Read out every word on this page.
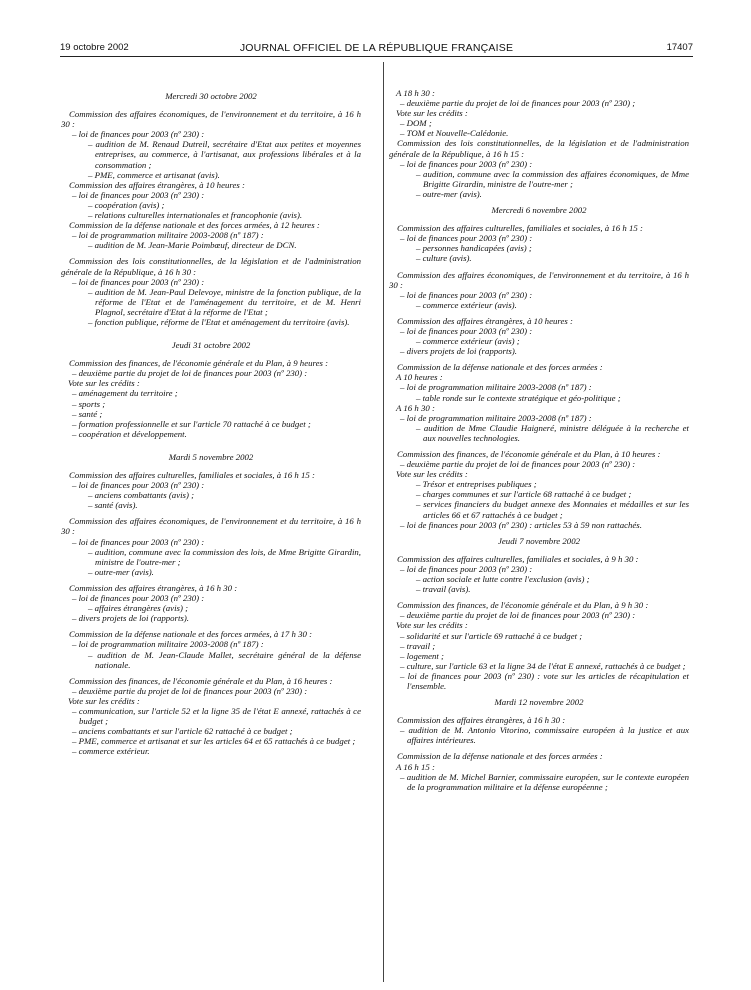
19 octobre 2002	JOURNAL OFFICIEL DE LA RÉPUBLIQUE FRANÇAISE	17407

Mercredi 30 octobre 2002

Commission des affaires économiques, de l'environnement et du territoire, à 16 h 30 :

– loi de finances pour 2003 (nº 230) :

– audition de M. Renaud Dutreil, secrétaire d'Etat aux petites et moyennes entreprises, au commerce, à l'artisanat, aux professions libérales et à la consommation ;

– PME, commerce et artisanat (avis).

Commission des affaires étrangères, à 10 heures :

– loi de finances pour 2003 (nº 230) :

– coopération (avis) ;

– relations culturelles internationales et francophonie (avis).

Commission de la défense nationale et des forces armées, à 12 heures :

– loi de programmation militaire 2003-2008 (nº 187) :

– audition de M. Jean-Marie Poimbœuf, directeur de DCN.

Commission des lois constitutionnelles, de la législation et de l'administration générale de la République, à 16 h 30 :

– loi de finances pour 2003 (nº 230) :

– audition de M. Jean-Paul Delevoye, ministre de la fonction publique, de la réforme de l'Etat et de l'aménagement du territoire, et de M. Henri Plagnol, secrétaire d'Etat à la réforme de l'Etat ;

– fonction publique, réforme de l'Etat et aménagement du territoire (avis).

Jeudi 31 octobre 2002

Commission des finances, de l'économie générale et du Plan, à 9 heures :

– deuxième partie du projet de loi de finances pour 2003 (nº 230) :

Vote sur les crédits :

– aménagement du territoire ;

– sports ;

– santé ;

– formation professionnelle et sur l'article 70 rattaché à ce budget ;

– coopération et développement.

Mardi 5 novembre 2002

Commission des affaires culturelles, familiales et sociales, à 16 h 15 :

– loi de finances pour 2003 (nº 230) :

– anciens combattants (avis) ;

– santé (avis).

Commission des affaires économiques, de l'environnement et du territoire, à 16 h 30 :

– loi de finances pour 2003 (nº 230) :

– audition, commune avec la commission des lois, de Mme Brigitte Girardin, ministre de l'outre-mer ;

– outre-mer (avis).

Commission des affaires étrangères, à 16 h 30 :

– loi de finances pour 2003 (nº 230) :

– affaires étrangères (avis) ;

– divers projets de loi (rapports).

Commission de la défense nationale et des forces armées, à 17 h 30 :

– loi de programmation militaire 2003-2008 (nº 187) :

– audition de M. Jean-Claude Mallet, secrétaire général de la défense nationale.

Commission des finances, de l'économie générale et du Plan, à 16 heures :

– deuxième partie du projet de loi de finances pour 2003 (nº 230) :

Vote sur les crédits :

– communication, sur l'article 52 et la ligne 35 de l'état E annexé, rattachés à ce budget ;

– anciens combattants et sur l'article 62 rattaché à ce budget ;

– PME, commerce et artisanat et sur les articles 64 et 65 rattachés à ce budget ;

– commerce extérieur.

A 18 h 30 :

– deuxième partie du projet de loi de finances pour 2003 (nº 230) ;

Vote sur les crédits :

– DOM ;

– TOM et Nouvelle-Calédonie.

Commission des lois constitutionnelles, de la législation et de l'administration générale de la République, à 16 h 15 :

– loi de finances pour 2003 (nº 230) :

– audition, commune avec la commission des affaires économiques, de Mme Brigitte Girardin, ministre de l'outre-mer ;

– outre-mer (avis).

Mercredi 6 novembre 2002

Commission des affaires culturelles, familiales et sociales, à 16 h 15 :

– loi de finances pour 2003 (nº 230) :

– personnes handicapées (avis) ;

– culture (avis).

Commission des affaires économiques, de l'environnement et du territoire, à 16 h 30 :

– loi de finances pour 2003 (nº 230) :

– commerce extérieur (avis).

Commission des affaires étrangères, à 10 heures :

– loi de finances pour 2003 (nº 230) :

– commerce extérieur (avis) ;

– divers projets de loi (rapports).

Commission de la défense nationale et des forces armées :

A 10 heures :

– loi de programmation militaire 2003-2008 (nº 187) :

– table ronde sur le contexte stratégique et géo-politique ;

A 16 h 30 :

– loi de programmation militaire 2003-2008 (nº 187) :

– audition de Mme Claudie Haigneré, ministre déléguée à la recherche et aux nouvelles technologies.

Commission des finances, de l'économie générale et du Plan, à 10 heures :

– deuxième partie du projet de loi de finances pour 2003 (nº 230) :

Vote sur les crédits :

– Trésor et entreprises publiques ;

– charges communes et sur l'article 68 rattaché à ce budget ;

– services financiers du budget annexe des Monnaies et médailles et sur les articles 66 et 67 rattachés à ce budget ;

– loi de finances pour 2003 (nº 230) : articles 53 à 59 non rattachés.

Jeudi 7 novembre 2002

Commission des affaires culturelles, familiales et sociales, à 9 h 30 :

– loi de finances pour 2003 (nº 230) :

– action sociale et lutte contre l'exclusion (avis) ;

– travail (avis).

Commission des finances, de l'économie générale et du Plan, à 9 h 30 :

– deuxième partie du projet de loi de finances pour 2003 (nº 230) :

Vote sur les crédits :

– solidarité et sur l'article 69 rattaché à ce budget ;

– travail ;

– logement ;

– culture, sur l'article 63 et la ligne 34 de l'état E annexé, rattachés à ce budget ;

– loi de finances pour 2003 (nº 230) : vote sur les articles de récapitulation et l'ensemble.

Mardi 12 novembre 2002

Commission des affaires étrangères, à 16 h 30 :

– audition de M. Antonio Vitorino, commissaire européen à la justice et aux affaires intérieures.

Commission de la défense nationale et des forces armées :

A 16 h 15 :

– audition de M. Michel Barnier, commissaire européen, sur le contexte européen de la programmation militaire et la défense européenne ;
